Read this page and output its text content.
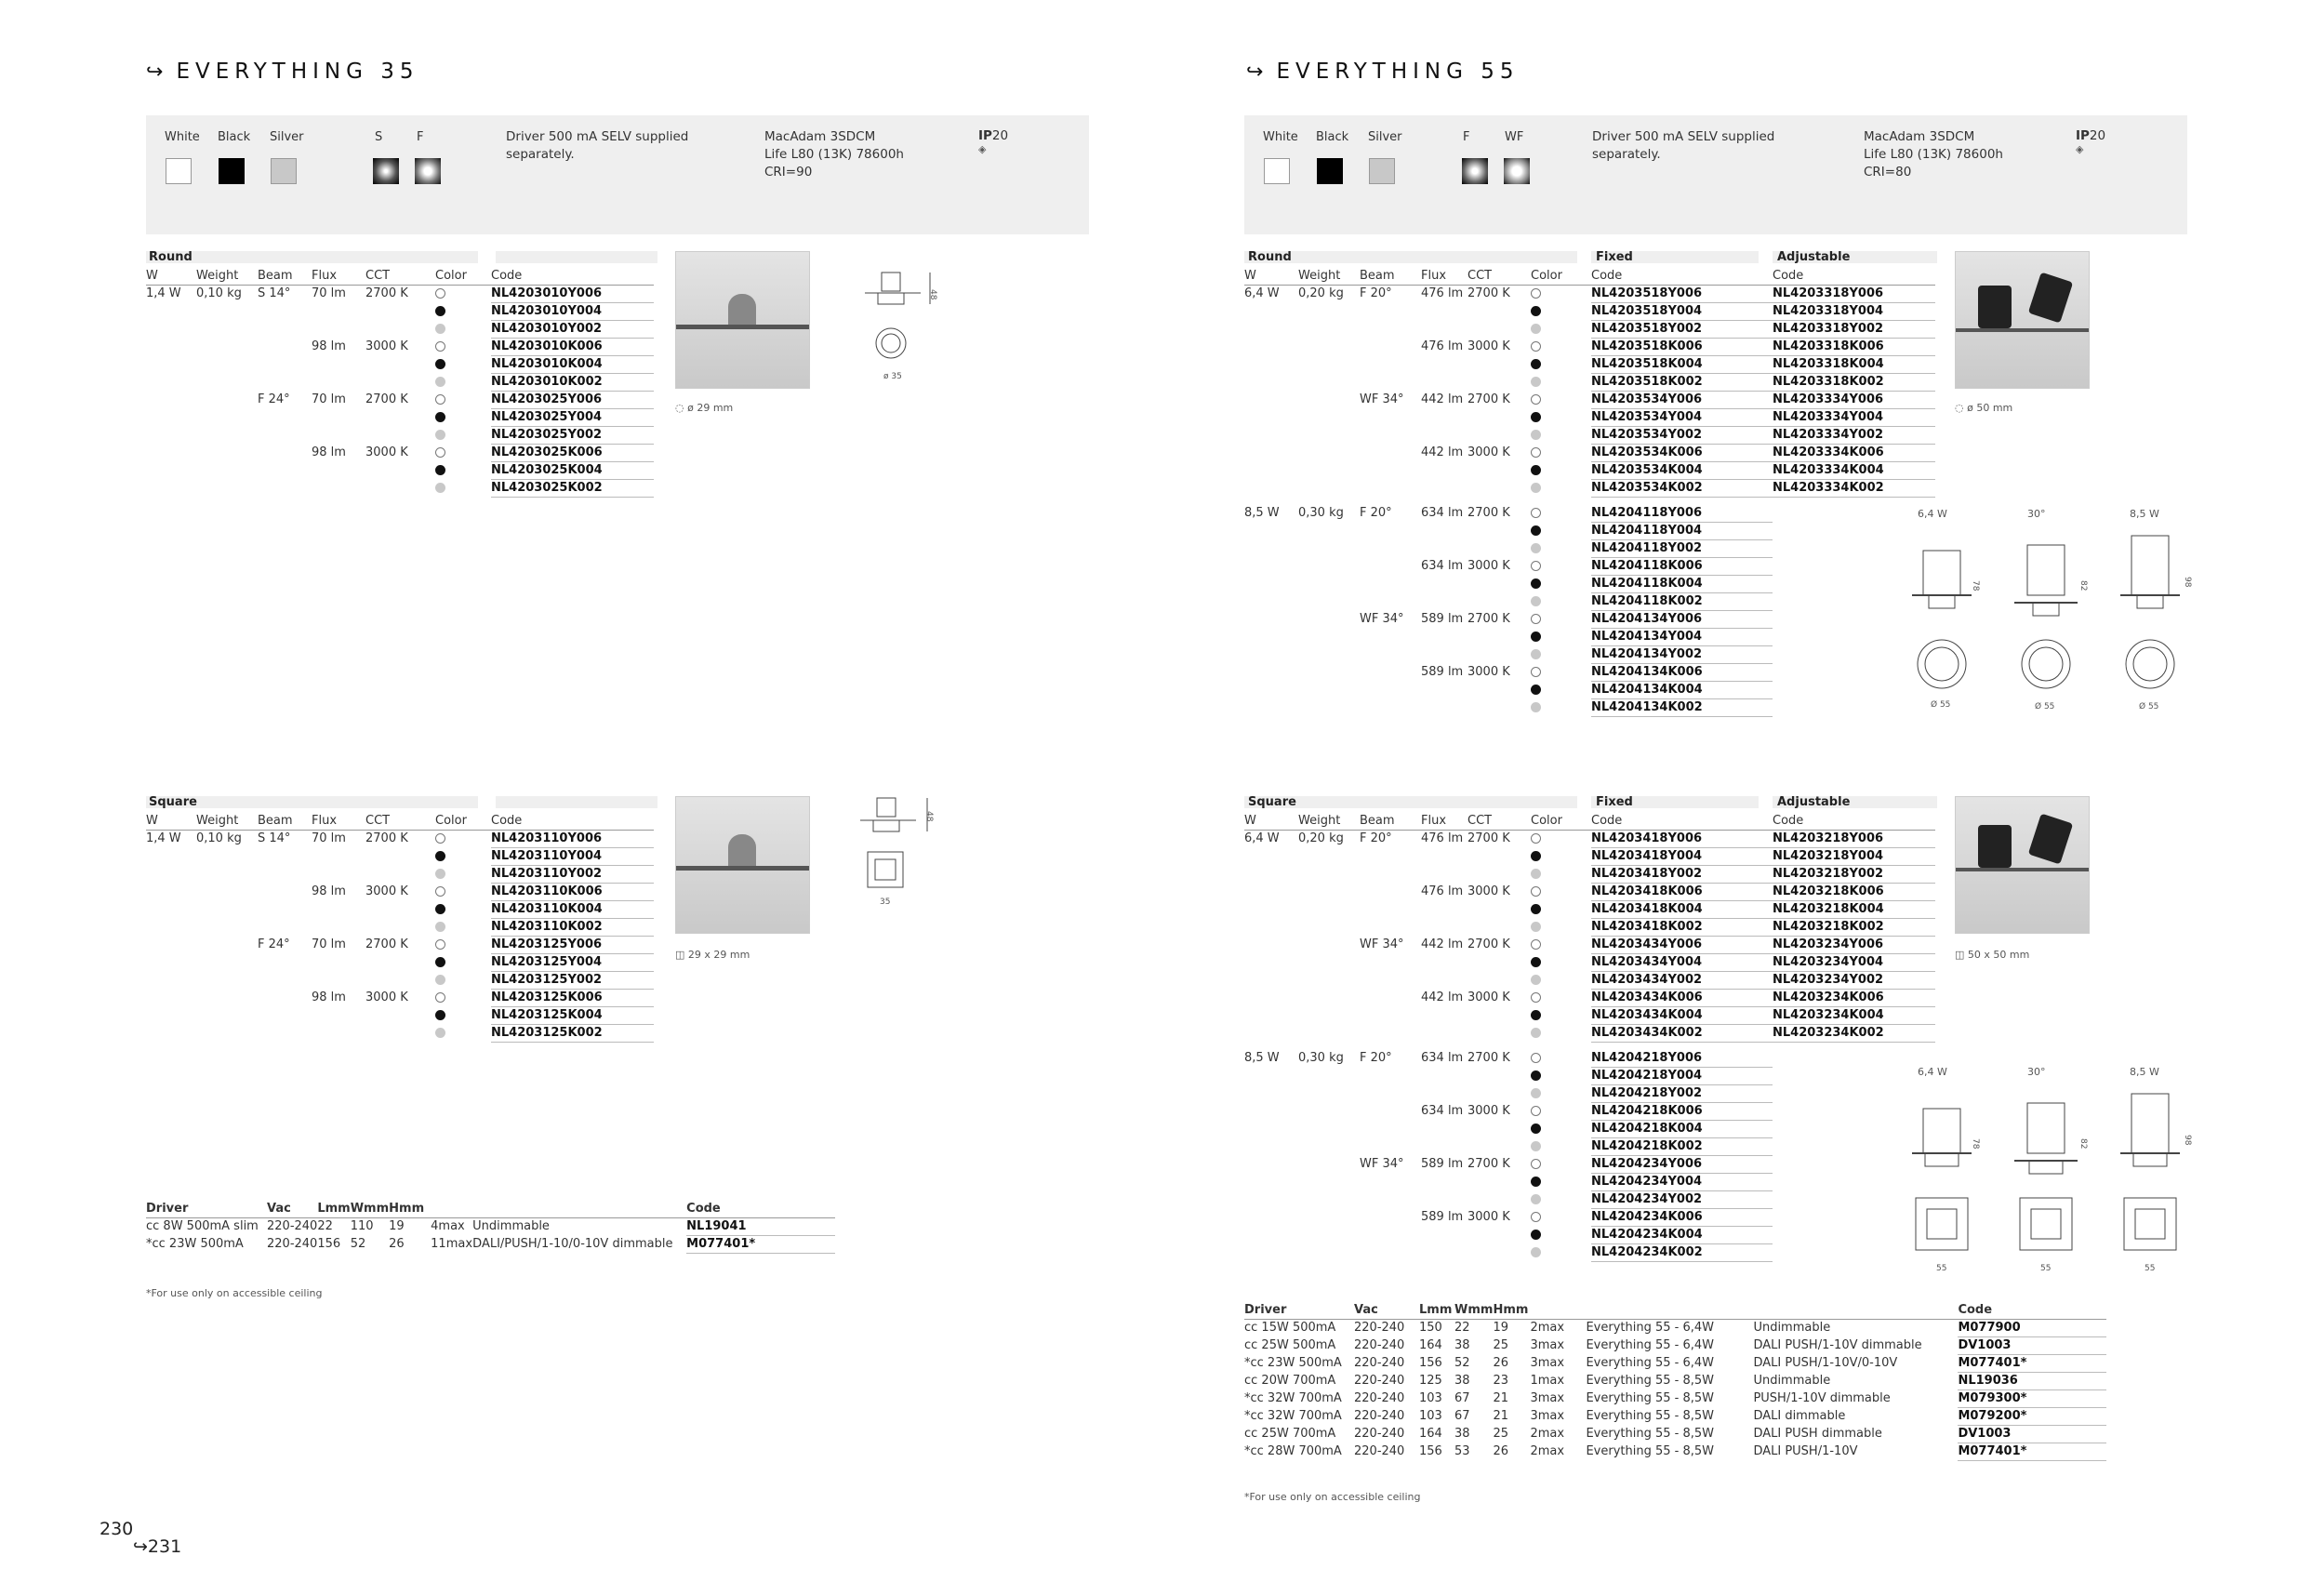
↪ EVERYTHING 35
White Black Silver	S	F	Driver 500 mA SELV supplied separately.
MacAdam 3SDCM
Life L80 (13K) 78600h
CRI=90
IP20
◈
Round
W	Weight	Beam	Flux	CCT	Color	Code
1,4 W	0,10 kg	S 14°	70 lm	2700 K		NL4203010Y006
						NL4203010Y004
						NL4203010Y002
			98 lm	3000 K		NL4203010K006
						NL4203010K004
						NL4203010K002
		F 24°	70 lm	2700 K		NL4203025Y006
						NL4203025Y004
						NL4203025Y002
			98 lm	3000 K		NL4203025K006
						NL4203025K004
						NL4203025K002
◌ ø 29 mm
48
ø 35
Square
W	Weight	Beam	Flux	CCT	Color	Code
1,4 W	0,10 kg	S 14°	70 lm	2700 K		NL4203110Y006
						NL4203110Y004
						NL4203110Y002
			98 lm	3000 K		NL4203110K006
						NL4203110K004
						NL4203110K002
		F 24°	70 lm	2700 K		NL4203125Y006
						NL4203125Y004
						NL4203125Y002
			98 lm	3000 K		NL4203125K006
						NL4203125K004
						NL4203125K002
◫ 29 x 29 mm
48
35
Driver	Vac	Lmm	Wmm	Hmm			Code
cc 8W 500mA slim	220-240	22	110	19	4max	Undimmable	NL19041
*cc 23W 500mA	220-240	156	52	26	11max	DALI/PUSH/1-10/0-10V dimmable	M077401*
*For use only on accessible ceiling
230
↪231
↪ EVERYTHING 55
White Black Silver	F	WF	Driver 500 mA SELV supplied separately.
MacAdam 3SDCM
Life L80 (13K) 78600h
CRI=80
IP20
◈
Round	Fixed	Adjustable
W	Weight	Beam	Flux	CCT	Color	Code	Code
6,4 W	0,20 kg	F 20°	476 lm	2700 K		NL4203518Y006	NL4203318Y006
						NL4203518Y004	NL4203318Y004
						NL4203518Y002	NL4203318Y002
			476 lm	3000 K		NL4203518K006	NL4203318K006
						NL4203518K004	NL4203318K004
						NL4203518K002	NL4203318K002
		WF 34°	442 lm	2700 K		NL4203534Y006	NL4203334Y006
						NL4203534Y004	NL4203334Y004
						NL4203534Y002	NL4203334Y002
			442 lm	3000 K		NL4203534K006	NL4203334K006
						NL4203534K004	NL4203334K004
						NL4203534K002	NL4203334K002
8,5 W	0,30 kg	F 20°	634 lm	2700 K		NL4204118Y006	
						NL4204118Y004	
						NL4204118Y002	
			634 lm	3000 K		NL4204118K006	
						NL4204118K004	
						NL4204118K002	
		WF 34°	589 lm	2700 K		NL4204134Y006	
						NL4204134Y004	
						NL4204134Y002	
			589 lm	3000 K		NL4204134K006	
						NL4204134K004	
						NL4204134K002	
◌ ø 50 mm
6,4 W	30°	8,5 W
78
Ø 55
82
Ø 55
98
Ø 55
Square	Fixed	Adjustable
W	Weight	Beam	Flux	CCT	Color	Code	Code
6,4 W	0,20 kg	F 20°	476 lm	2700 K		NL4203418Y006	NL4203218Y006
						NL4203418Y004	NL4203218Y004
						NL4203418Y002	NL4203218Y002
			476 lm	3000 K		NL4203418K006	NL4203218K006
						NL4203418K004	NL4203218K004
						NL4203418K002	NL4203218K002
		WF 34°	442 lm	2700 K		NL4203434Y006	NL4203234Y006
						NL4203434Y004	NL4203234Y004
						NL4203434Y002	NL4203234Y002
			442 lm	3000 K		NL4203434K006	NL4203234K006
						NL4203434K004	NL4203234K004
						NL4203434K002	NL4203234K002
8,5 W	0,30 kg	F 20°	634 lm	2700 K		NL4204218Y006	
						NL4204218Y004	
						NL4204218Y002	
			634 lm	3000 K		NL4204218K006	
						NL4204218K004	
						NL4204218K002	
		WF 34°	589 lm	2700 K		NL4204234Y006	
						NL4204234Y004	
						NL4204234Y002	
			589 lm	3000 K		NL4204234K006	
						NL4204234K004	
						NL4204234K002	
◫ 50 x 50 mm
6,4 W	30°	8,5 W
78
55
82
55
98
55
Driver	Vac	Lmm	Wmm	Hmm				Code
cc 15W 500mA	220-240	150	22	19	2max	Everything 55 - 6,4W	Undimmable	M077900
cc 25W 500mA	220-240	164	38	25	3max	Everything 55 - 6,4W	DALI PUSH/1-10V dimmable	DV1003
*cc 23W 500mA	220-240	156	52	26	3max	Everything 55 - 6,4W	DALI PUSH/1-10V/0-10V	M077401*
cc 20W 700mA	220-240	125	38	23	1max	Everything 55 - 8,5W	Undimmable	NL19036
*cc 32W 700mA	220-240	103	67	21	3max	Everything 55 - 8,5W	PUSH/1-10V dimmable	M079300*
*cc 32W 700mA	220-240	103	67	21	3max	Everything 55 - 8,5W	DALI dimmable	M079200*
cc 25W 700mA	220-240	164	38	25	2max	Everything 55 - 8,5W	DALI PUSH dimmable	DV1003
*cc 28W 700mA	220-240	156	53	26	2max	Everything 55 - 8,5W	DALI PUSH/1-10V	M077401*
*For use only on accessible ceiling
